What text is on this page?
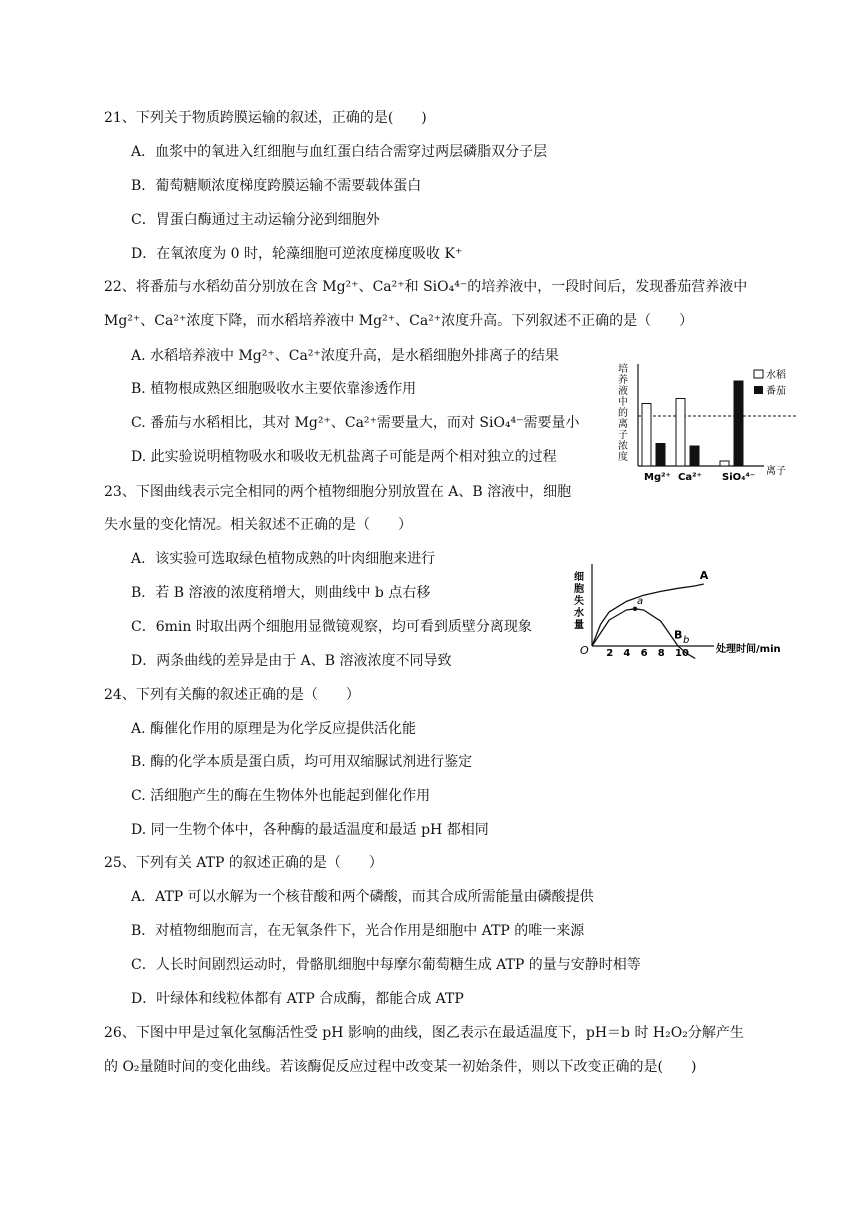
21、下列关于物质跨膜运输的叙述，正确的是(　　)
A．血浆中的氧进入红细胞与血红蛋白结合需穿过两层磷脂双分子层
B．葡萄糖顺浓度梯度跨膜运输不需要载体蛋白
C．胃蛋白酶通过主动运输分泌到细胞外
D．在氧浓度为 0 时，轮藻细胞可逆浓度梯度吸收 K⁺
22、将番茄与水稻幼苗分别放在含 Mg²⁺、Ca²⁺和 SiO₄⁴⁻的培养液中，一段时间后，发现番茄营养液中
Mg²⁺、Ca²⁺浓度下降，而水稻培养液中 Mg²⁺、Ca²⁺浓度升高。下列叙述不正确的是（　　）
A. 水稻培养液中 Mg²⁺、Ca²⁺浓度升高，是水稻细胞外排离子的结果
B. 植物根成熟区细胞吸收水主要依靠渗透作用
C. 番茄与水稻相比，其对 Mg²⁺、Ca²⁺需要量大，而对 SiO₄⁴⁻需要量小
D. 此实验说明植物吸水和吸收无机盐离子可能是两个相对独立的过程
培养液中的离子浓度
Mg²⁺ Ca²⁺ SiO₄⁴⁻
离子
水稻
番茄
23、下图曲线表示完全相同的两个植物细胞分别放置在 A、B 溶液中，细胞
失水量的变化情况。相关叙述不正确的是（　　）
A．该实验可选取绿色植物成熟的叶肉细胞来进行
B．若 B 溶液的浓度稍增大，则曲线中 b 点右移
C．6min 时取出两个细胞用显微镜观察，均可看到质壁分离现象
D．两条曲线的差异是由于 A、B 溶液浓度不同导致
细胞失水量
O 2 4 6 8 10
A
B
a
b
处理时间/min
24、下列有关酶的叙述正确的是（　　）
A. 酶催化作用的原理是为化学反应提供活化能
B. 酶的化学本质是蛋白质，均可用双缩脲试剂进行鉴定
C. 活细胞产生的酶在生物体外也能起到催化作用
D. 同一生物个体中，各种酶的最适温度和最适 pH 都相同
25、下列有关 ATP 的叙述正确的是（　　）
A．ATP 可以水解为一个核苷酸和两个磷酸，而其合成所需能量由磷酸提供
B．对植物细胞而言，在无氧条件下，光合作用是细胞中 ATP 的唯一来源
C．人长时间剧烈运动时，骨骼肌细胞中每摩尔葡萄糖生成 ATP 的量与安静时相等
D．叶绿体和线粒体都有 ATP 合成酶，都能合成 ATP
26、下图中甲是过氧化氢酶活性受 pH 影响的曲线，图乙表示在最适温度下，pH＝b 时 H₂O₂分解产生
的 O₂量随时间的变化曲线。若该酶促反应过程中改变某一初始条件，则以下改变正确的是(　　)
